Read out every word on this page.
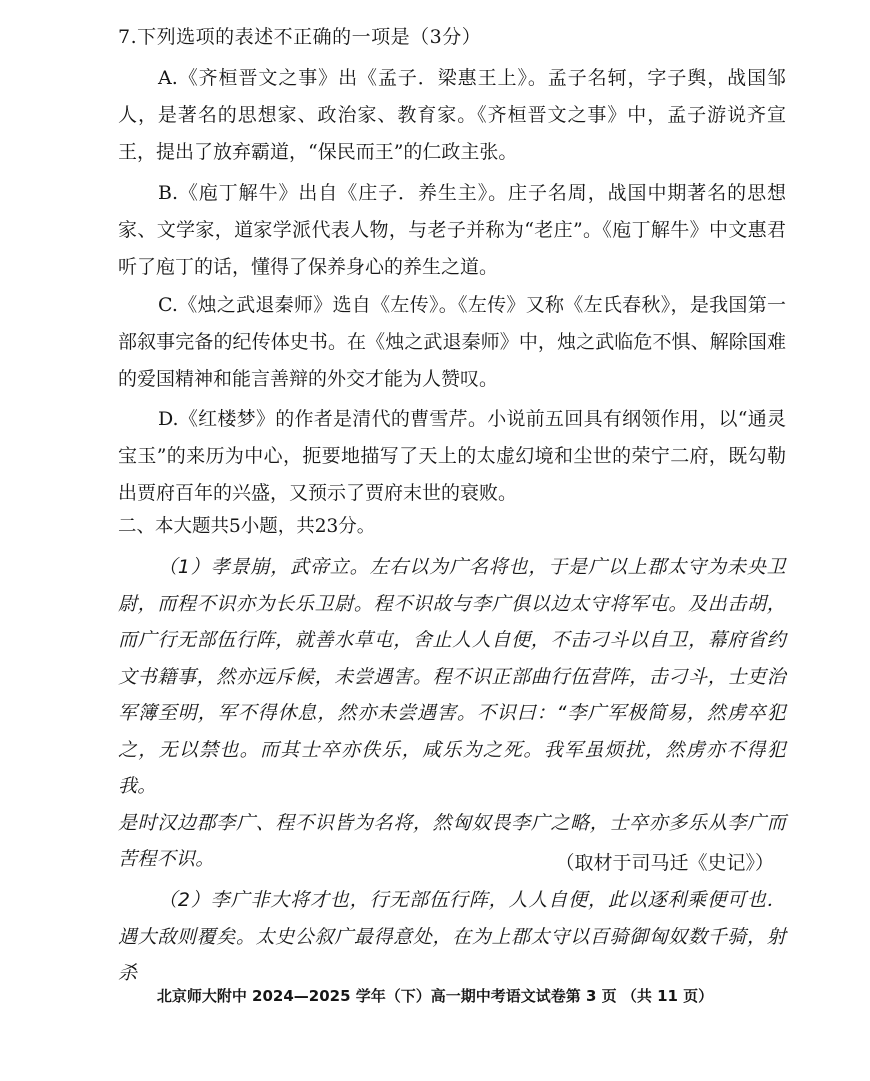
7.下列选项的表述不正确的一项是（3分）

A.《齐桓晋文之事》出《孟子．梁惠王上》。孟子名轲，字子舆，战国邹人，是著名的思想家、政治家、教育家。《齐桓晋文之事》中，孟子游说齐宣王，提出了放弃霸道，“保民而王”的仁政主张。

B.《庖丁解牛》出自《庄子．养生主》。庄子名周，战国中期著名的思想家、文学家，道家学派代表人物，与老子并称为“老庄”。《庖丁解牛》中文惠君听了庖丁的话，懂得了保养身心的养生之道。

C.《烛之武退秦师》选自《左传》。《左传》又称《左氏春秋》，是我国第一部叙事完备的纪传体史书。在《烛之武退秦师》中，烛之武临危不惧、解除国难的爱国精神和能言善辩的外交才能为人赞叹。

D.《红楼梦》的作者是清代的曹雪芹。小说前五回具有纲领作用，以“通灵宝玉”的来历为中心，扼要地描写了天上的太虚幻境和尘世的荣宁二府，既勾勒出贾府百年的兴盛，又预示了贾府末世的衰败。

二、本大题共5小题，共23分。

（1）孝景崩，武帝立。左右以为广名将也，于是广以上郡太守为未央卫尉，而程不识亦为长乐卫尉。程不识故与李广俱以边太守将军屯。及出击胡，而广行无部伍行阵，就善水草屯，舍止人人自便，不击刁斗以自卫，幕府省约文书籍事，然亦远斥候，未尝遇害。程不识正部曲行伍营阵，击刁斗，士吏治军簿至明，军不得休息，然亦未尝遇害。不识曰：“李广军极简易，然虏卒犯之，无以禁也。而其士卒亦佚乐，咸乐为之死。我军虽烦扰，然虏亦不得犯我。

是时汉边郡李广、程不识皆为名将，然匈奴畏李广之略，士卒亦多乐从李广而苦程不识。	（取材于司马迁《史记》）

（2）李广非大将才也，行无部伍行阵，人人自便，此以逐利乘便可也．遇大敌则覆矣。太史公叙广最得意处，在为上郡太守以百骑御匈奴数千骑，射杀

北京师大附中 2024—2025 学年（下）高一期中考语文试卷第 3 页 （共 11 页）
